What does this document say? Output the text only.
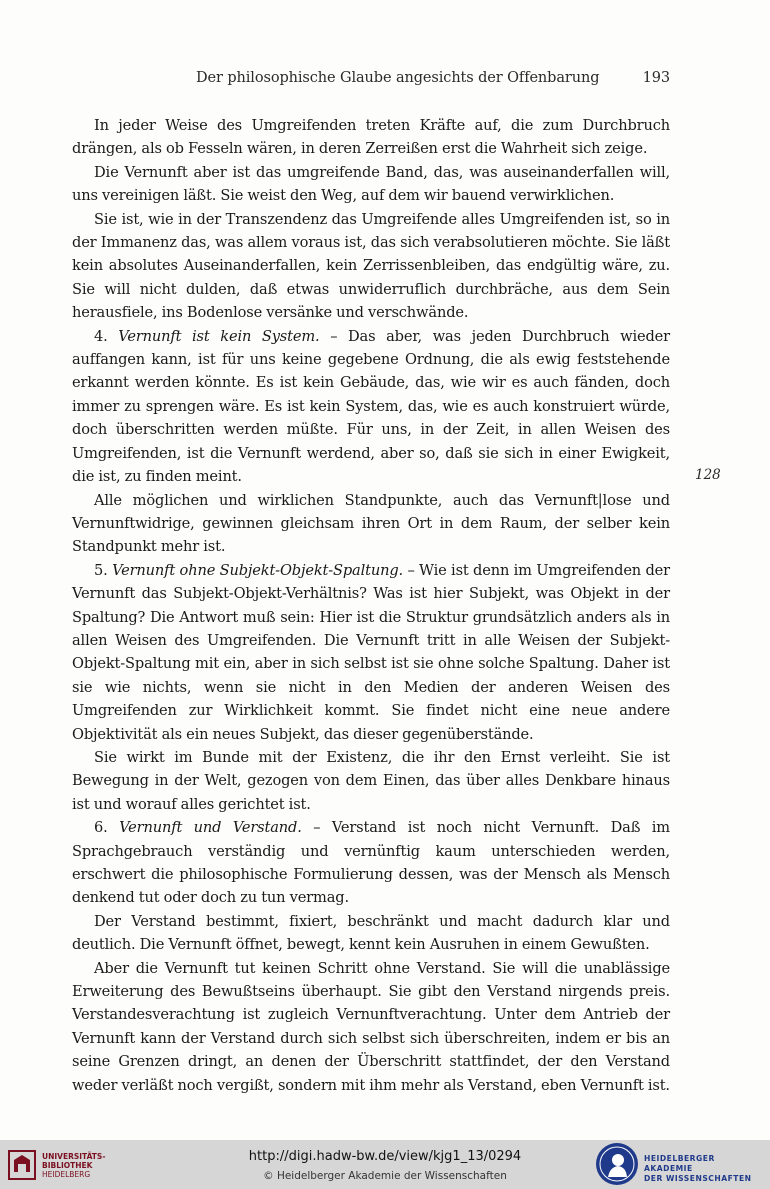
Der philosophische Glaube angesichts der Offenbarung	193

In jeder Weise des Umgreifenden treten Kräfte auf, die zum Durchbruch drängen, als ob Fesseln wären, in deren Zerreißen erst die Wahrheit sich zeige.

Die Vernunft aber ist das umgreifende Band, das, was auseinanderfallen will, uns vereinigen läßt. Sie weist den Weg, auf dem wir bauend verwirklichen.

Sie ist, wie in der Transzendenz das Umgreifende alles Umgreifenden ist, so in der Immanenz das, was allem voraus ist, das sich verabsolutieren möchte. Sie läßt kein absolutes Auseinanderfallen, kein Zerrissenbleiben, das endgültig wäre, zu. Sie will nicht dulden, daß etwas unwiderruflich durchbräche, aus dem Sein herausfiele, ins Bodenlose versänke und verschwände.

4. Vernunft ist kein System. – Das aber, was jeden Durchbruch wieder auffangen kann, ist für uns keine gegebene Ordnung, die als ewig feststehende erkannt werden könnte. Es ist kein Gebäude, das, wie wir es auch fänden, doch immer zu sprengen wäre. Es ist kein System, das, wie es auch konstruiert würde, doch überschritten werden müßte. Für uns, in der Zeit, in allen Weisen des Umgreifenden, ist die Vernunft werdend, aber so, daß sie sich in einer Ewigkeit, die ist, zu finden meint.

Alle möglichen und wirklichen Standpunkte, auch das Vernunft|lose und Vernunftwidrige, gewinnen gleichsam ihren Ort in dem Raum, der selber kein Standpunkt mehr ist.

5. Vernunft ohne Subjekt-Objekt-Spaltung. – Wie ist denn im Umgreifenden der Vernunft das Subjekt-Objekt-Verhältnis? Was ist hier Subjekt, was Objekt in der Spaltung? Die Antwort muß sein: Hier ist die Struktur grundsätzlich anders als in allen Weisen des Umgreifenden. Die Vernunft tritt in alle Weisen der Subjekt-Objekt-Spaltung mit ein, aber in sich selbst ist sie ohne solche Spaltung. Daher ist sie wie nichts, wenn sie nicht in den Medien der anderen Weisen des Umgreifenden zur Wirklichkeit kommt. Sie findet nicht eine neue andere Objektivität als ein neues Subjekt, das dieser gegenüberstände.

Sie wirkt im Bunde mit der Existenz, die ihr den Ernst verleiht. Sie ist Bewegung in der Welt, gezogen von dem Einen, das über alles Denkbare hinaus ist und worauf alles gerichtet ist.

6. Vernunft und Verstand. – Verstand ist noch nicht Vernunft. Daß im Sprachgebrauch verständig und vernünftig kaum unterschieden werden, erschwert die philosophische Formulierung dessen, was der Mensch als Mensch denkend tut oder doch zu tun vermag.

Der Verstand bestimmt, fixiert, beschränkt und macht dadurch klar und deutlich. Die Vernunft öffnet, bewegt, kennt kein Ausruhen in einem Gewußten.

Aber die Vernunft tut keinen Schritt ohne Verstand. Sie will die unablässige Erweiterung des Bewußtseins überhaupt. Sie gibt den Verstand nirgends preis. Verstandesverachtung ist zugleich Vernunftverachtung. Unter dem Antrieb der Vernunft kann der Verstand durch sich selbst sich überschreiten, indem er bis an seine Grenzen dringt, an denen der Überschritt stattfindet, der den Verstand weder verläßt noch vergißt, sondern mit ihm mehr als Verstand, eben Vernunft ist.

128
UNIVERSITÄTS-
BIBLIOTHEK
HEIDELBERG
http://digi.hadw-bw.de/view/kjg1_13/0294
© Heidelberger Akademie der Wissenschaften
HEIDELBERGER AKADEMIE
DER WISSENSCHAFTEN
